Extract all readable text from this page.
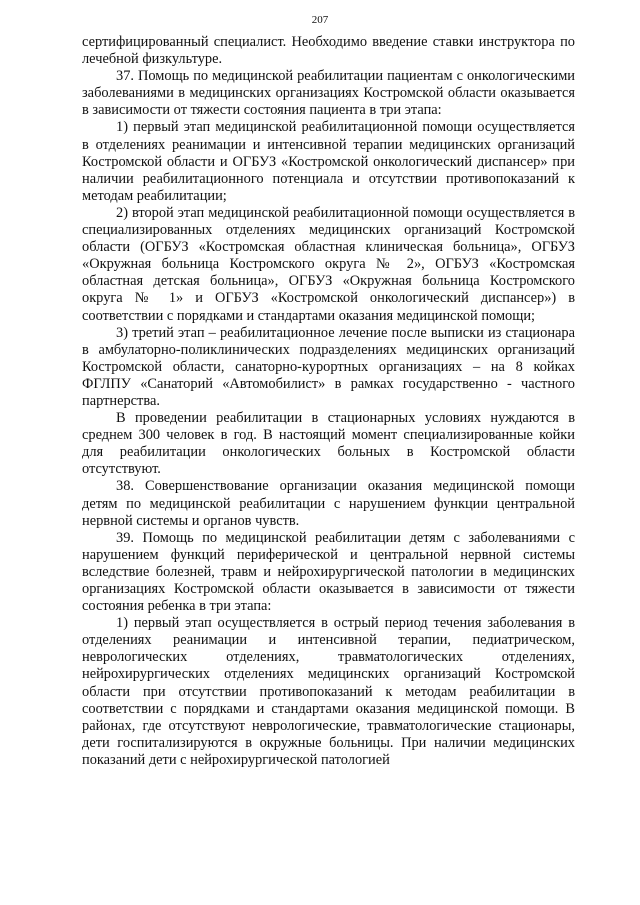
207

сертифицированный специалист. Необходимо введение ставки инструктора по лечебной физкультуре.

37. Помощь по медицинской реабилитации пациентам с онкологическими заболеваниями в медицинских организациях Костромской области оказывается в зависимости от тяжести состояния пациента в три этапа:

1) первый этап медицинской реабилитационной помощи осуществляется в отделениях реанимации и интенсивной терапии медицинских организаций Костромской области и ОГБУЗ «Костромской онкологический диспансер» при наличии реабилитационного потенциала и отсутствии противопоказаний к методам реабилитации;

2) второй этап медицинской реабилитационной помощи осуществляется в специализированных отделениях медицинских организаций Костромской области (ОГБУЗ «Костромская областная клиническая больница», ОГБУЗ «Окружная больница Костромского округа № 2», ОГБУЗ «Костромская областная детская больница», ОГБУЗ «Окружная больница Костромского округа № 1» и ОГБУЗ «Костромской онкологический диспансер») в соответствии с порядками и стандартами оказания медицинской помощи;

3) третий этап – реабилитационное лечение после выписки из стационара в амбулаторно-поликлинических подразделениях медицинских организаций Костромской области, санаторно-курортных организациях – на 8 койках ФГЛПУ «Санаторий «Автомобилист» в рамках государственно - частного партнерства.

В проведении реабилитации в стационарных условиях нуждаются в среднем 300 человек в год. В настоящий момент специализированные койки для реабилитации онкологических больных в Костромской области отсутствуют.

38. Совершенствование организации оказания медицинской помощи детям по медицинской реабилитации с нарушением функции центральной нервной системы и органов чувств.

39. Помощь по медицинской реабилитации детям с заболеваниями с нарушением функций периферической и центральной нервной системы вследствие болезней, травм и нейрохирургической патологии в медицинских организациях Костромской области оказывается в зависимости от тяжести состояния ребенка в три этапа:

1) первый этап осуществляется в острый период течения заболевания в отделениях реанимации и интенсивной терапии, педиатрическом, неврологических отделениях, травматологических отделениях, нейрохирургических отделениях медицинских организаций Костромской области при отсутствии противопоказаний к методам реабилитации в соответствии с порядками и стандартами оказания медицинской помощи. В районах, где отсутствуют неврологические, травматологические стационары, дети госпитализируются в окружные больницы. При наличии медицинских показаний дети с нейрохирургической патологией
